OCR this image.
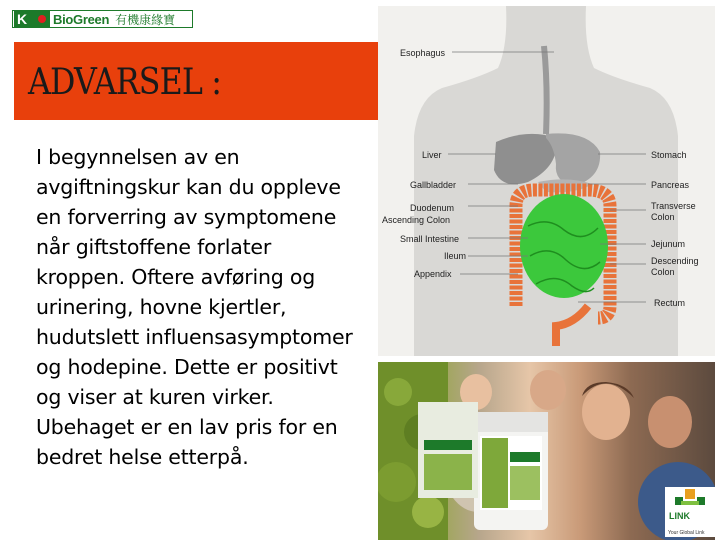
K BioGreen 有機康緣寶
ADVARSEL :
I begynnelsen av en avgiftningskur kan du oppleve en forverring av symptomene når giftstoffene forlater kroppen. Oftere avføring og urinering, hovne kjertler, hudutslett influensasymptomer og hodepine. Dette er positivt og viser at kuren virker. Ubehaget er en lav pris for en bedret helse etterpå.
Esophagus
Liver	Stomach
Gallbladder	Pancreas
Duodenum
Ascending Colon
Transverse
Colon
Small Intestine	Jejunum
Ileum	Descending
Colon
Appendix
Rectum
LINK
Your Global Link
